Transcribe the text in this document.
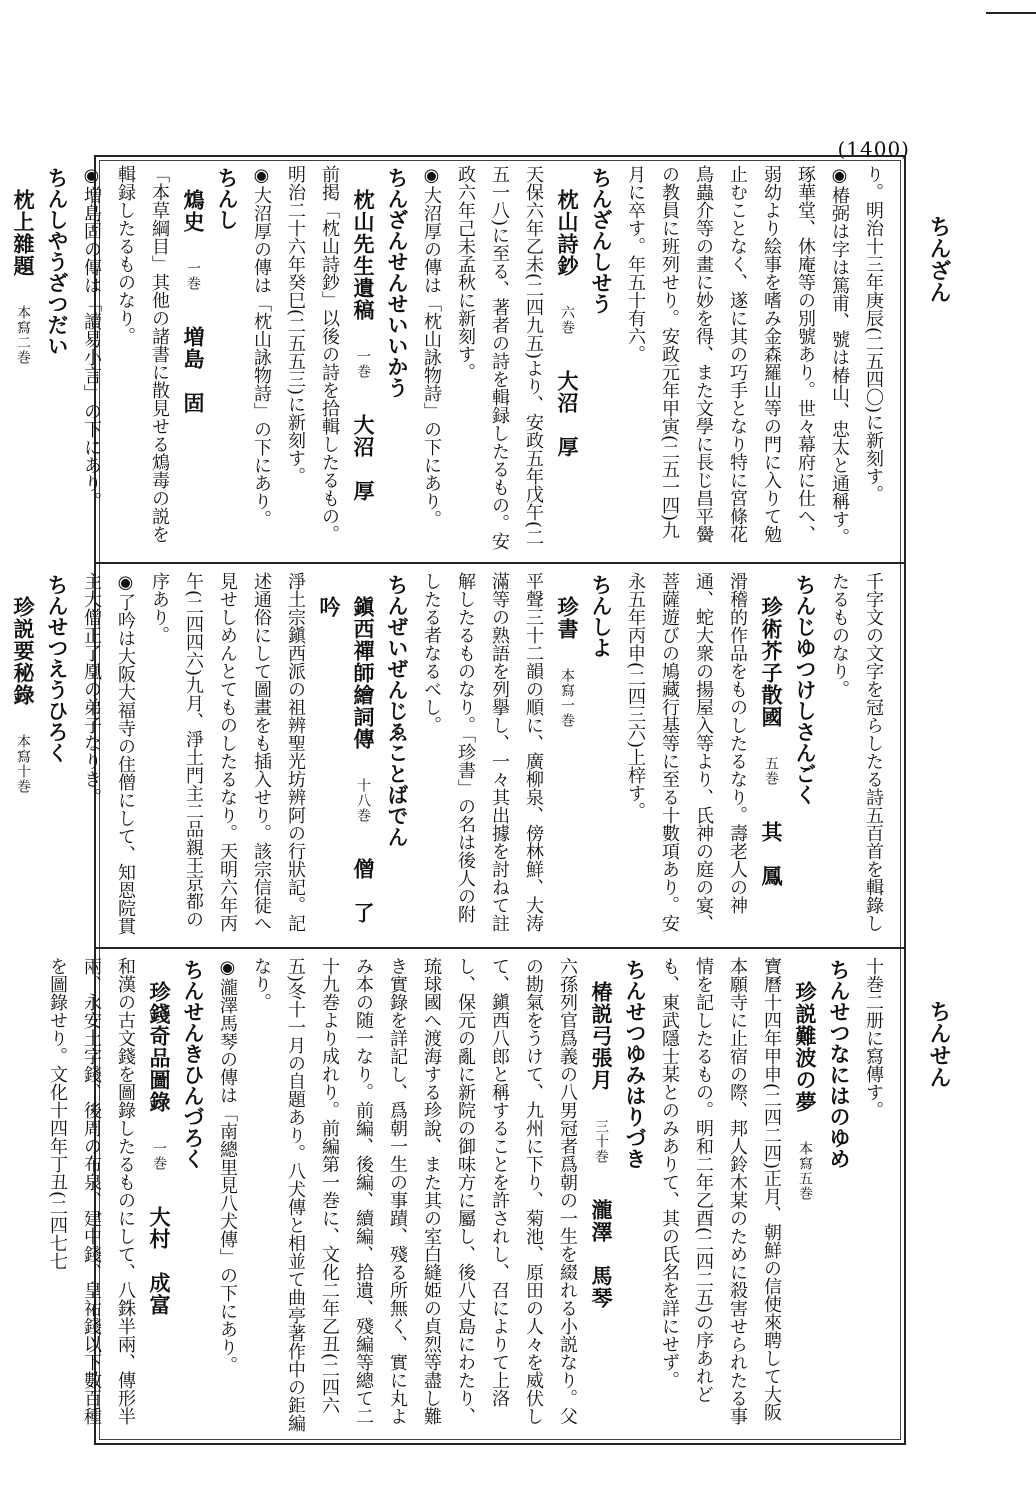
(1400)
ちんざん
ちんせん
り。明治十三年庚辰(二五四〇)に新刻す。
◉椿弼は字は篤甫、號は椿山、忠太と通稱す。琢華堂、休庵等の別號あり。世々幕府に仕へ、弱幼より絵事を嗜み金森羅山等の門に入りて勉止むことなく、遂に其の巧手となり特に宮條花鳥蟲介等の畫に妙を得、また文學に長じ昌平黌の教員に班列せり。安政元年甲寅(二五一四)九月に卒す。年五十有六。
ちんざんしせう
枕山詩鈔 六巻 大沼　厚
天保六年乙未(二四九五)より、安政五年戊午(二五一八)に至る、著者の詩を輯録したるもの。安政六年己未孟秋に新刻す。
◉大沼厚の傳は「枕山詠物詩」の下にあり。
ちんざんせんせいいかう
枕山先生遺稿 一巻 大沼　厚
前掲「枕山詩鈔」以後の詩を拾輯したるもの。明治二十六年癸巳(二五五三)に新刻す。
◉大沼厚の傳は「枕山詠物詩」の下にあり。
ちんし
鴆史 一巻 増島　固
「本草綱目」其他の諸書に散見せる鴆毒の説を輯録したるものなり。
◉増島固の傳は「讀易小言」の下にあり。
ちんしやうざつだい
枕上雜題 本寫二巻
千字文の文字を冠らしたる詩五百首を輯錄したるものなり。
ちんじゆつけしさんごく
珍術芥子散國 五巻 其　鳳
滑稽的作品をものしたるなり。壽老人の神通、蛇大衆の揚屋入等より、氏神の庭の宴、菩薩遊びの鳩藏行基等に至る十數項あり。安永五年丙申(二四三六)上梓す。
ちんしよ
珍書 本寫一巻
平聲三十二韻の順に、廣柳泉、傍林鮮、大涛滿等の熟語を列擧し、一々其出據を討ねて註解したるものなり。「珍書」の名は後人の附したる者なるべし。
ちんぜいぜんじゑことばでん
鎭西禪師繪詞傳 十八巻 僧　了吟
淨土宗鎭西派の祖辨聖光坊辨阿の行狀記。記述通俗にして圖畫をも插入せり。該宗信徒へ見せしめんとてものしたるなり。天明六年丙午(二四四六)九月、淨土門主二品親王京都の序あり。
◉了吟は大阪大福寺の住僧にして、知恩院貫主大僧正了凰の弟子なりき。
ちんせつえうひろく
珍説要秘錄 本寫十巻
十巻二册に寫傳す。
ちんせつなにはのゆめ
珍説難波の夢 本寫五巻
寶曆十四年甲申(二四二四)正月、朝鮮の信使來聘して大阪本願寺に止宿の際、邦人鈴木某のために殺害せられたる事情を記したるもの。明和二年乙酉(二四二五)の序あれども、東武隱士某とのみありて、其の氏名を詳にせず。
ちんせつゆみはりづき
椿説弓張月 三十巻 瀧澤　馬琴
六孫列官爲義の八男冠者爲朝の一生を綴れる小説なり。父の勘氣をうけて、九州に下り、菊池、原田の人々を威伏して、鎭西八郎と稱することを許されし、召によりて上洛し、保元の亂に新院の御味方に屬し、後八丈島にわたり、琉球國へ渡海する珍說、また其の室白縫姫の貞烈等盡し難き實錄を詳記し、爲朝一生の事蹟、殘る所無く、實に丸よみ本の随一なり。前編、後編、續編、拾遺、殘編等總て二十九巻より成れり。前編第一巻に、文化二年乙丑(二四六五)冬十一月の自題あり。八犬傳と相並て曲亭著作中の鉅編なり。
◉瀧澤馬琴の傳は「南總里見八犬傳」の下にあり。
ちんせんきひんづろく
珍錢奇品圖錄 一巻 大村　成富
和漢の古文錢を圖錄したるものにして、八銖半兩、傳形半兩、永安土字錢、後周の布泉、建中錢、皇祐錢以下數百種を圖錄せり。文化十四年丁丑(二四七七
